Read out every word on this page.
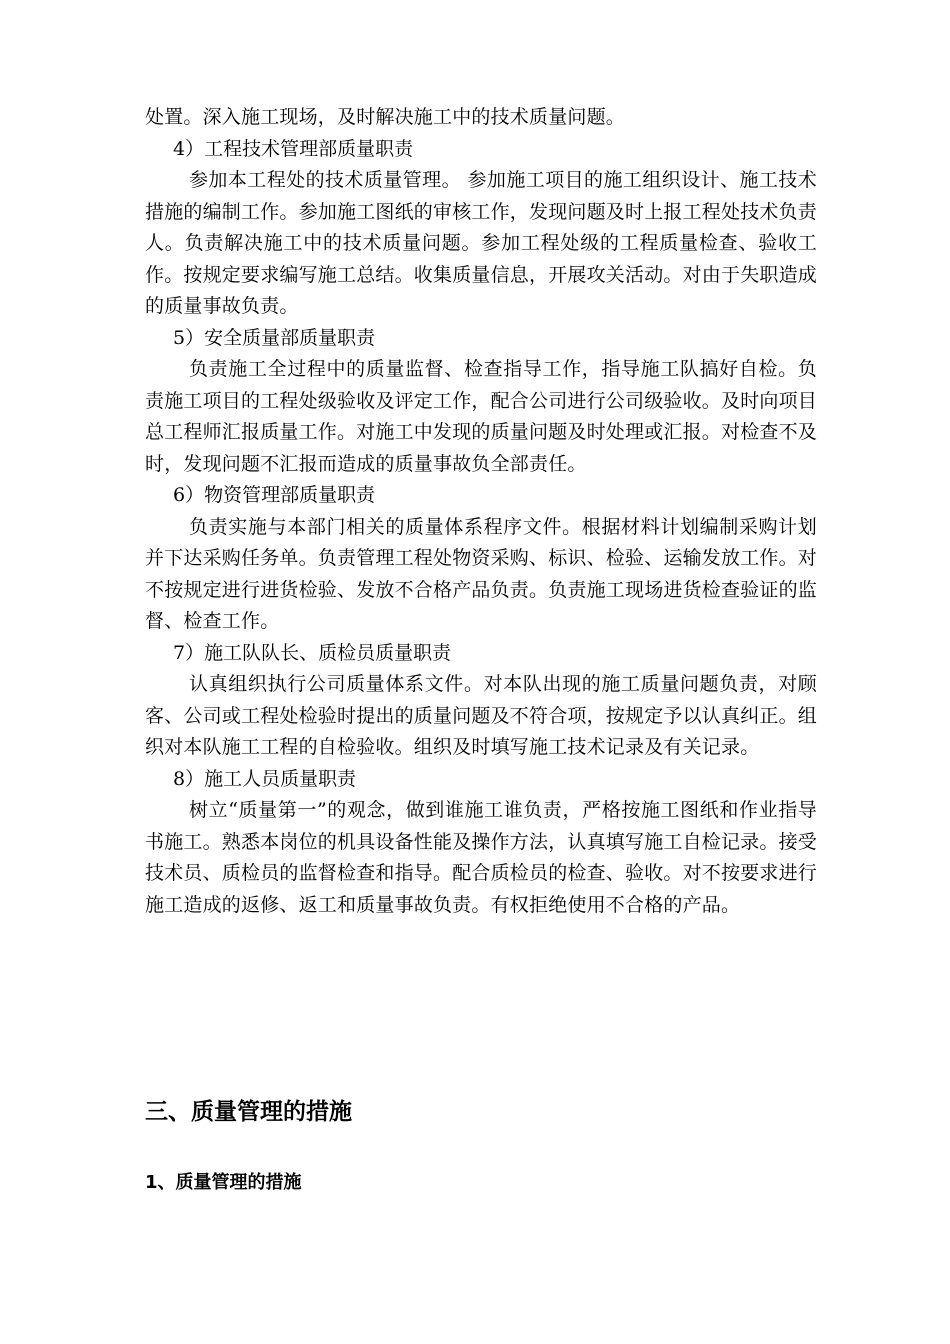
处置。深入施工现场，及时解决施工中的技术质量问题。

4）工程技术管理部质量职责

参加本工程处的技术质量管理。 参加施工项目的施工组织设计、施工技术措施的编制工作。参加施工图纸的审核工作，发现问题及时上报工程处技术负责人。负责解决施工中的技术质量问题。参加工程处级的工程质量检查、验收工作。按规定要求编写施工总结。收集质量信息，开展攻关活动。对由于失职造成的质量事故负责。

5）安全质量部质量职责

负责施工全过程中的质量监督、检查指导工作，指导施工队搞好自检。负责施工项目的工程处级验收及评定工作，配合公司进行公司级验收。及时向项目总工程师汇报质量工作。对施工中发现的质量问题及时处理或汇报。对检查不及时，发现问题不汇报而造成的质量事故负全部责任。

6）物资管理部质量职责

负责实施与本部门相关的质量体系程序文件。根据材料计划编制采购计划并下达采购任务单。负责管理工程处物资采购、标识、检验、运输发放工作。对不按规定进行进货检验、发放不合格产品负责。负责施工现场进货检查验证的监督、检查工作。

7）施工队队长、质检员质量职责

认真组织执行公司质量体系文件。对本队出现的施工质量问题负责，对顾客、公司或工程处检验时提出的质量问题及不符合项，按规定予以认真纠正。组织对本队施工工程的自检验收。组织及时填写施工技术记录及有关记录。

8）施工人员质量职责

树立“质量第一”的观念，做到谁施工谁负责，严格按施工图纸和作业指导书施工。熟悉本岗位的机具设备性能及操作方法，认真填写施工自检记录。接受技术员、质检员的监督检查和指导。配合质检员的检查、验收。对不按要求进行施工造成的返修、返工和质量事故负责。有权拒绝使用不合格的产品。

三、质量管理的措施
1、质量管理的措施
